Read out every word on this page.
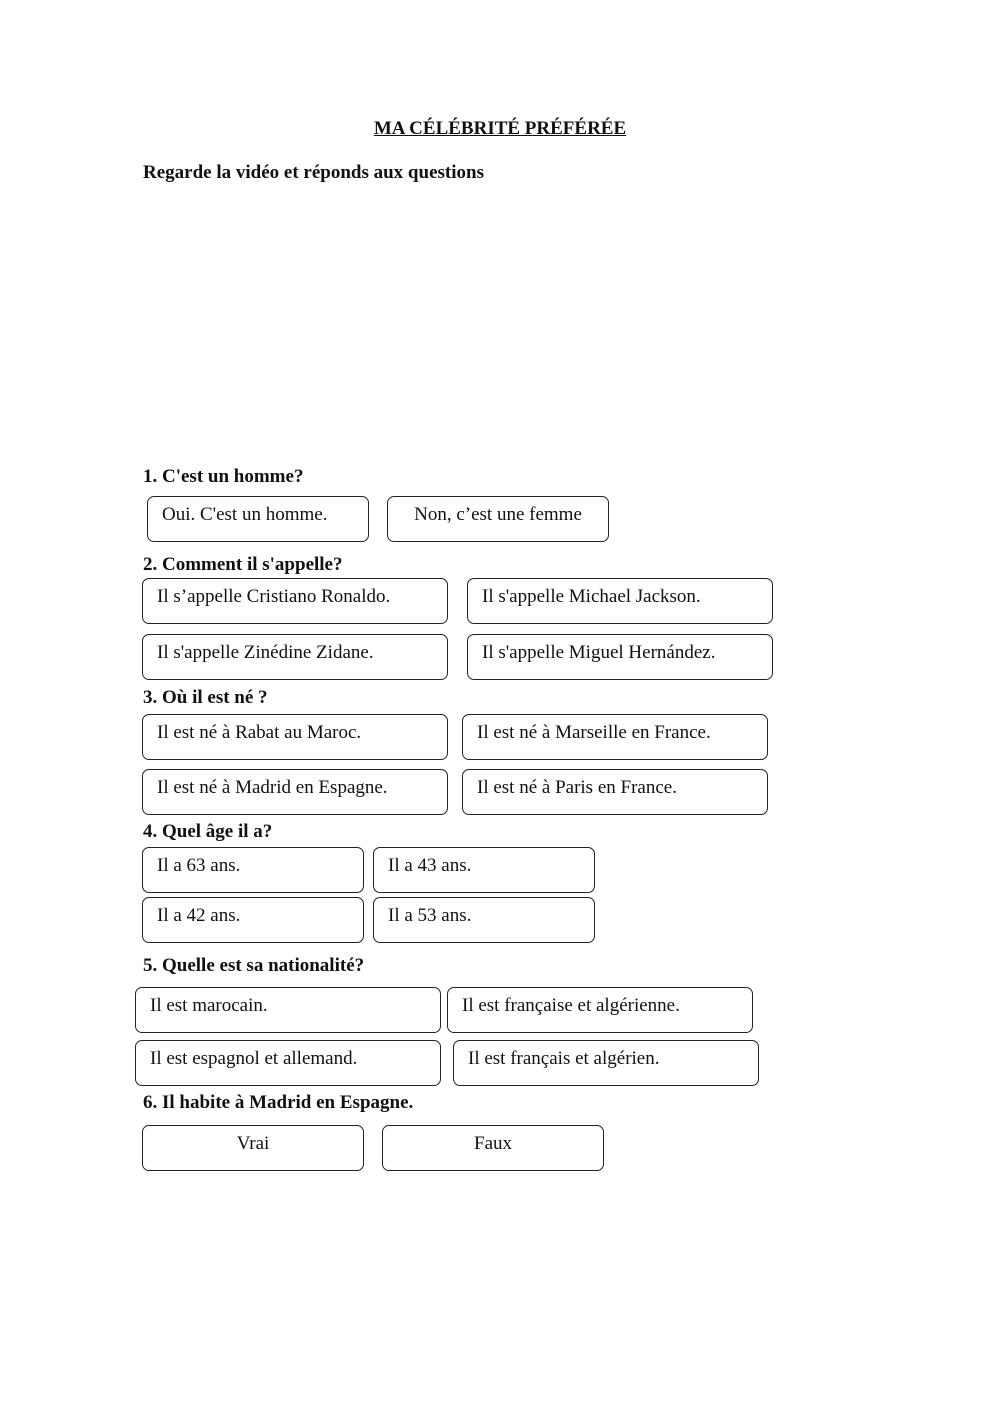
MA CÉLÉBRITÉ PRÉFÉRÉE

Regarde la vidéo et réponds aux questions

1. C'est un homme?

Oui. C'est un homme.	Non, c’est une femme

2. Comment il s'appelle?

Il s’appelle Cristiano Ronaldo.	Il s'appelle Michael Jackson.
Il s'appelle Zinédine Zidane.	Il s'appelle Miguel Hernández.

3. Où il est né ?

Il est né à Rabat au Maroc.	Il est né à Marseille en France.
Il est né à Madrid en Espagne.	Il est né à Paris en France.

4. Quel âge il a?

Il a 63 ans.	Il a 43 ans.
Il a 42 ans.	Il a 53 ans.

5. Quelle est sa nationalité?

Il est marocain.	Il est française et algérienne.
Il est espagnol et allemand.	Il est français et algérien.

6. Il habite à Madrid en Espagne.

Vrai	Faux
